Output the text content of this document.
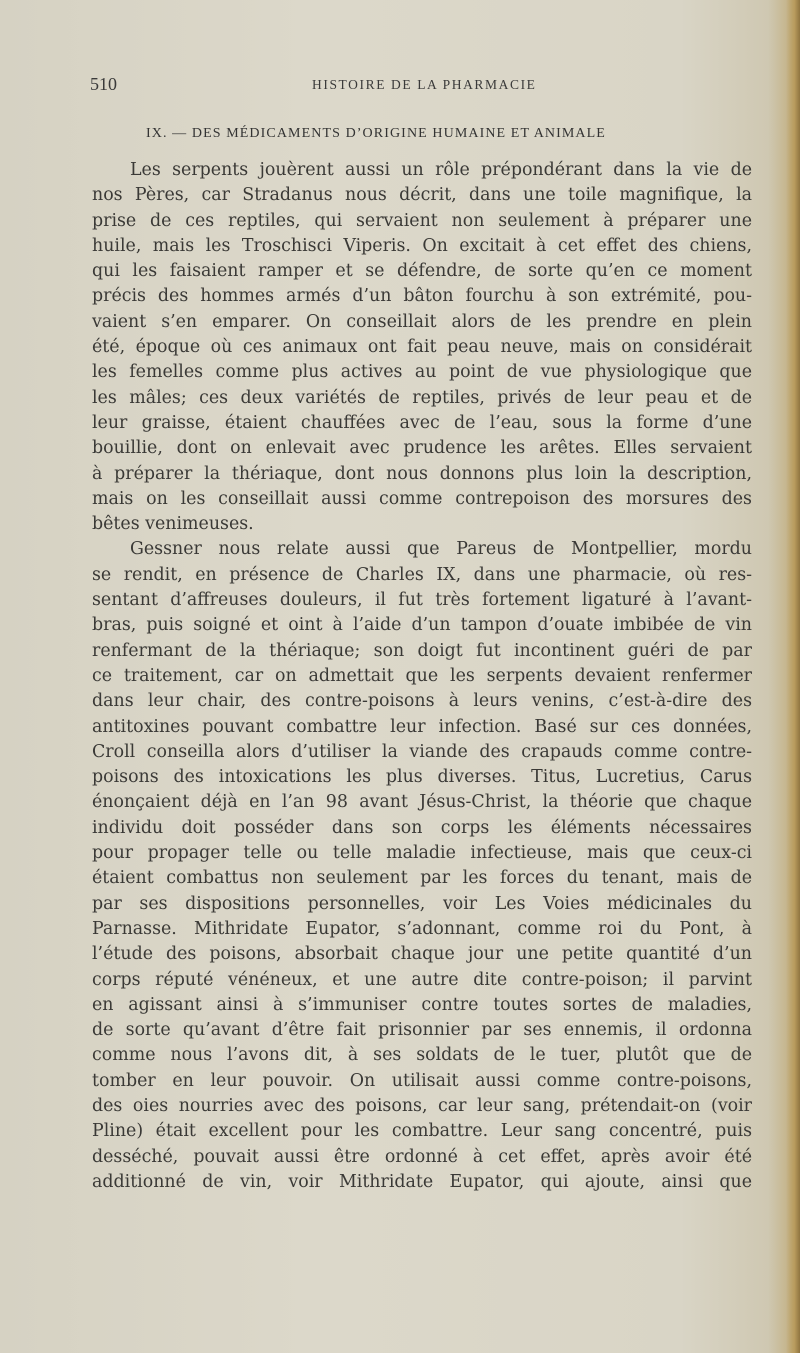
510	HISTOIRE DE LA PHARMACIE
IX. — DES MÉDICAMENTS D’ORIGINE HUMAINE ET ANIMALE
Les serpents jouèrent aussi un rôle prépondérant dans la vie de
nos Pères, car Stradanus nous décrit, dans une toile magnifique, la
prise de ces reptiles, qui servaient non seulement à préparer une
huile, mais les Troschisci Viperis. On excitait à cet effet des chiens,
qui les faisaient ramper et se défendre, de sorte qu’en ce moment
précis des hommes armés d’un bâton fourchu à son extrémité, pou-
vaient s’en emparer. On conseillait alors de les prendre en plein
été, époque où ces animaux ont fait peau neuve, mais on considérait
les femelles comme plus actives au point de vue physiologique que
les mâles; ces deux variétés de reptiles, privés de leur peau et de
leur graisse, étaient chauffées avec de l’eau, sous la forme d’une
bouillie, dont on enlevait avec prudence les arêtes. Elles servaient
à préparer la thériaque, dont nous donnons plus loin la description,
mais on les conseillait aussi comme contrepoison des morsures des
bêtes venimeuses.
Gessner nous relate aussi que Pareus de Montpellier, mordu
se rendit, en présence de Charles IX, dans une pharmacie, où res-
sentant d’affreuses douleurs, il fut très fortement ligaturé à l’avant-
bras, puis soigné et oint à l’aide d’un tampon d’ouate imbibée de vin
renfermant de la thériaque; son doigt fut incontinent guéri de par
ce traitement, car on admettait que les serpents devaient renfermer
dans leur chair, des contre-poisons à leurs venins, c’est-à-dire des
antitoxines pouvant combattre leur infection. Basé sur ces données,
Croll conseilla alors d’utiliser la viande des crapauds comme contre-
poisons des intoxications les plus diverses. Titus, Lucretius, Carus
énonçaient déjà en l’an 98 avant Jésus-Christ, la théorie que chaque
individu doit posséder dans son corps les éléments nécessaires
pour propager telle ou telle maladie infectieuse, mais que ceux-ci
étaient combattus non seulement par les forces du tenant, mais de
par ses dispositions personnelles, voir Les Voies médicinales du
Parnasse. Mithridate Eupator, s’adonnant, comme roi du Pont, à
l’étude des poisons, absorbait chaque jour une petite quantité d’un
corps réputé vénéneux, et une autre dite contre-poison; il parvint
en agissant ainsi à s’immuniser contre toutes sortes de maladies,
de sorte qu’avant d’être fait prisonnier par ses ennemis, il ordonna
comme nous l’avons dit, à ses soldats de le tuer, plutôt que de
tomber en leur pouvoir. On utilisait aussi comme contre-poisons,
des oies nourries avec des poisons, car leur sang, prétendait-on (voir
Pline) était excellent pour les combattre. Leur sang concentré, puis
desséché, pouvait aussi être ordonné à cet effet, après avoir été
additionné de vin, voir Mithridate Eupator, qui ajoute, ainsi que
